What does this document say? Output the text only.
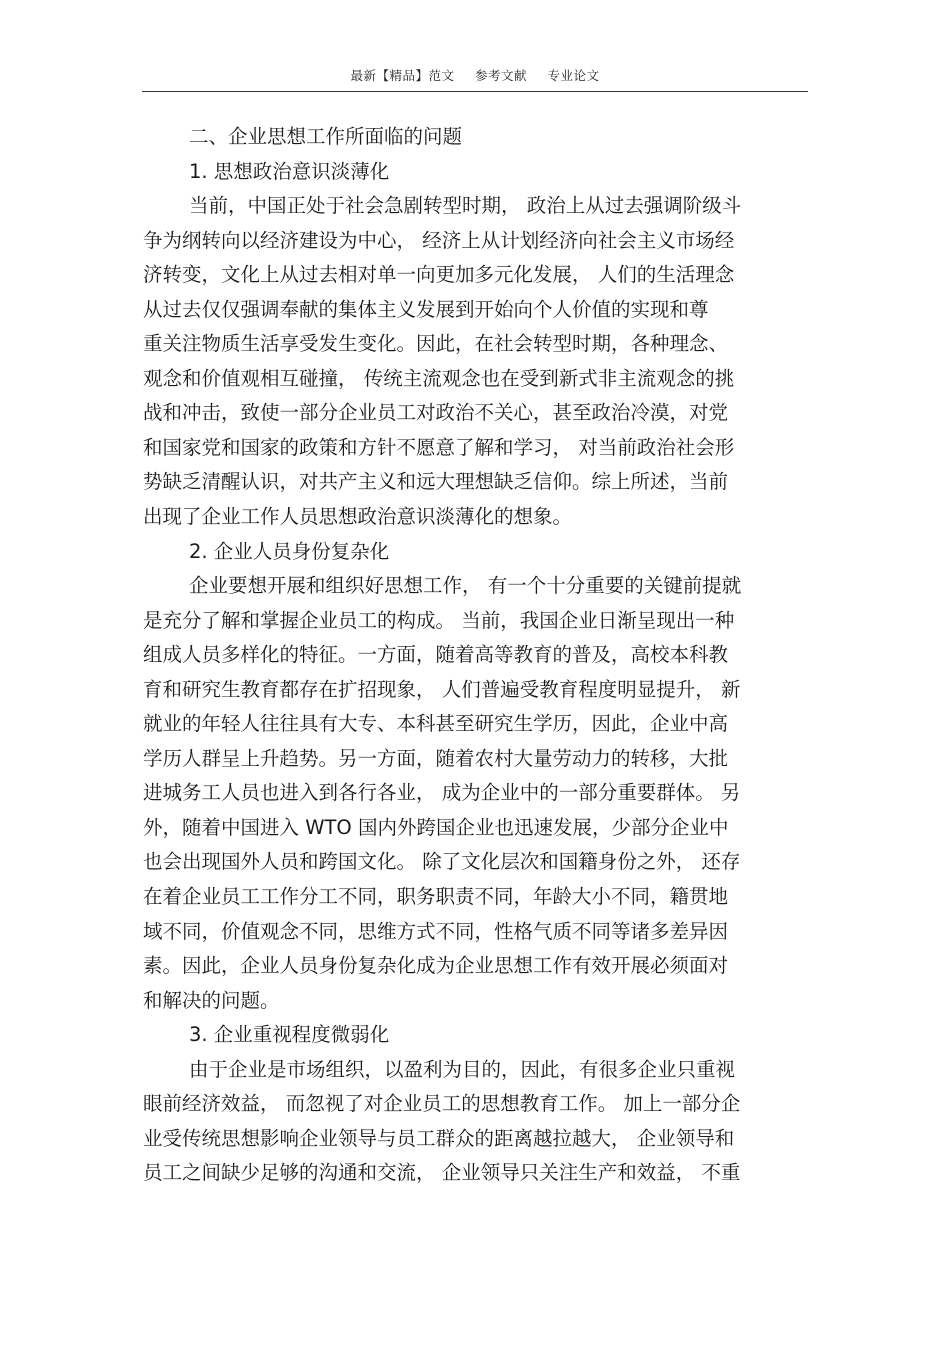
最新【精品】范文 参考文献 专业论文
二、企业思想工作所面临的问题
1. 思想政治意识淡薄化
当前，中国正处于社会急剧转型时期， 政治上从过去强调阶级斗
争为纲转向以经济建设为中心， 经济上从计划经济向社会主义市场经
济转变，文化上从过去相对单一向更加多元化发展， 人们的生活理念
从过去仅仅强调奉献的集体主义发展到开始向个人价值的实现和尊
重关注物质生活享受发生变化。因此，在社会转型时期，各种理念、
观念和价值观相互碰撞， 传统主流观念也在受到新式非主流观念的挑
战和冲击，致使一部分企业员工对政治不关心，甚至政治冷漠，对党
和国家党和国家的政策和方针不愿意了解和学习， 对当前政治社会形
势缺乏清醒认识，对共产主义和远大理想缺乏信仰。综上所述，当前
出现了企业工作人员思想政治意识淡薄化的想象。
2. 企业人员身份复杂化
企业要想开展和组织好思想工作， 有一个十分重要的关键前提就
是充分了解和掌握企业员工的构成。 当前，我国企业日渐呈现出一种
组成人员多样化的特征。一方面，随着高等教育的普及，高校本科教
育和研究生教育都存在扩招现象， 人们普遍受教育程度明显提升， 新
就业的年轻人往往具有大专、本科甚至研究生学历，因此，企业中高
学历人群呈上升趋势。另一方面，随着农村大量劳动力的转移，大批
进城务工人员也进入到各行各业， 成为企业中的一部分重要群体。 另
外，随着中国进入 WTO 国内外跨国企业也迅速发展，少部分企业中
也会出现国外人员和跨国文化。 除了文化层次和国籍身份之外， 还存
在着企业员工工作分工不同，职务职责不同，年龄大小不同，籍贯地
域不同，价值观念不同，思维方式不同，性格气质不同等诸多差异因
素。因此，企业人员身份复杂化成为企业思想工作有效开展必须面对
和解决的问题。
3. 企业重视程度微弱化
由于企业是市场组织，以盈利为目的，因此，有很多企业只重视
眼前经济效益， 而忽视了对企业员工的思想教育工作。 加上一部分企
业受传统思想影响企业领导与员工群众的距离越拉越大， 企业领导和
员工之间缺少足够的沟通和交流， 企业领导只关注生产和效益， 不重
